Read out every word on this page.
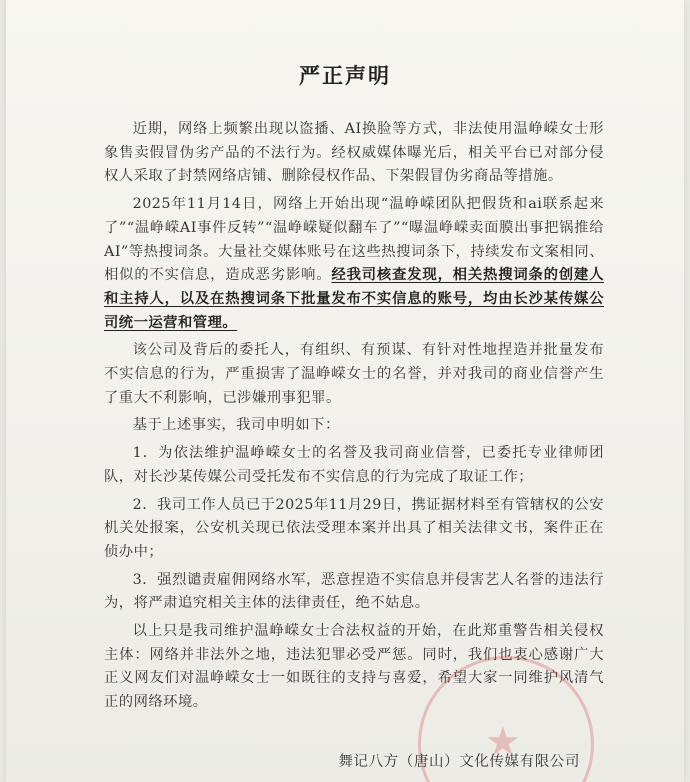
严正声明

近期，网络上频繁出现以盗播、AI换脸等方式，非法使用温峥嵘女士形象售卖假冒伪劣产品的不法行为。经权威媒体曝光后，相关平台已对部分侵权人采取了封禁网络店铺、删除侵权作品、下架假冒伪劣商品等措施。

2025年11月14日，网络上开始出现“温峥嵘团队把假货和ai联系起来了”“温峥嵘AI事件反转”“温峥嵘疑似翻车了”“曝温峥嵘卖面膜出事把锅推给AI”等热搜词条。大量社交媒体账号在这些热搜词条下，持续发布文案相同、相似的不实信息，造成恶劣影响。经我司核查发现，相关热搜词条的创建人和主持人，以及在热搜词条下批量发布不实信息的账号，均由长沙某传媒公司统一运营和管理。

该公司及背后的委托人，有组织、有预谋、有针对性地捏造并批量发布不实信息的行为，严重损害了温峥嵘女士的名誉，并对我司的商业信誉产生了重大不利影响，已涉嫌刑事犯罪。

基于上述事实，我司申明如下：

1．为依法维护温峥嵘女士的名誉及我司商业信誉，已委托专业律师团队，对长沙某传媒公司受托发布不实信息的行为完成了取证工作；

2．我司工作人员已于2025年11月29日，携证据材料至有管辖权的公安机关处报案，公安机关现已依法受理本案并出具了相关法律文书，案件正在侦办中；

3．强烈谴责雇佣网络水军，恶意捏造不实信息并侵害艺人名誉的违法行为，将严肃追究相关主体的法律责任，绝不姑息。

以上只是我司维护温峥嵘女士合法权益的开始，在此郑重警告相关侵权主体：网络并非法外之地，违法犯罪必受严惩。同时，我们也衷心感谢广大正义网友们对温峥嵘女士一如既往的支持与喜爱，希望大家一同维护风清气正的网络环境。

★
舞记八方（唐山）文化传媒有限公司
